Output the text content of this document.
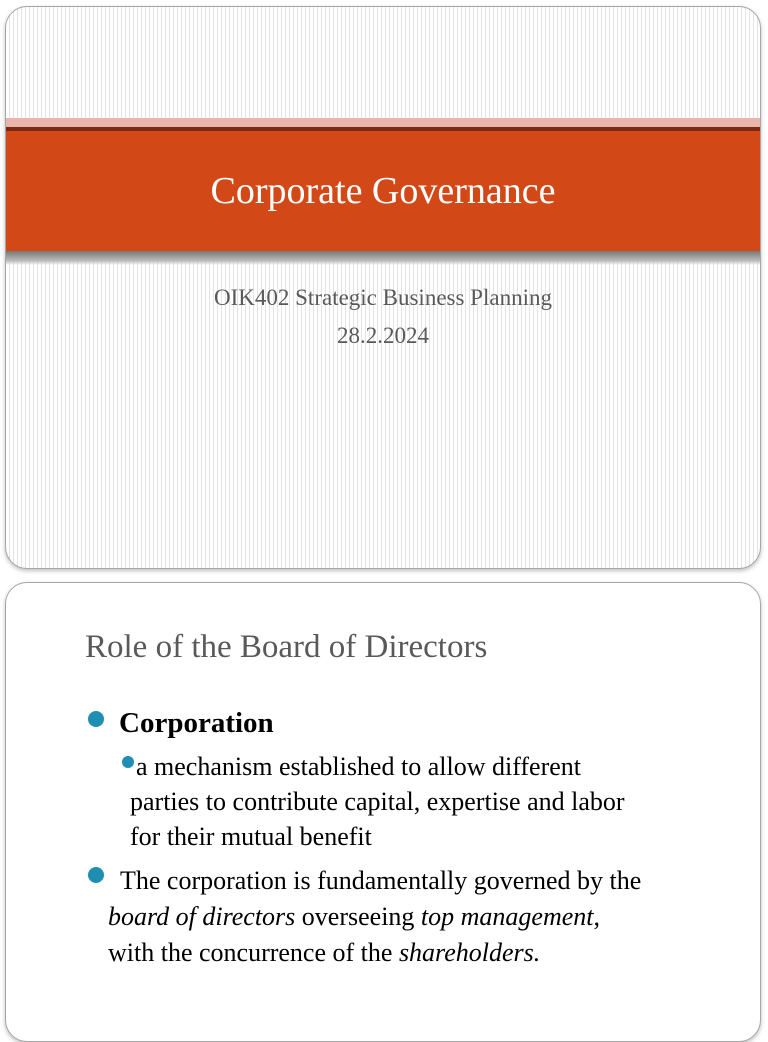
Corporate Governance
OIK402 Strategic Business Planning
28.2.2024
Role of the Board of Directors
Corporation
a mechanism established to allow different
parties to contribute capital, expertise and labor
for their mutual benefit
The corporation is fundamentally governed by the
board of directors overseeing top management,
with the concurrence of the shareholders.
